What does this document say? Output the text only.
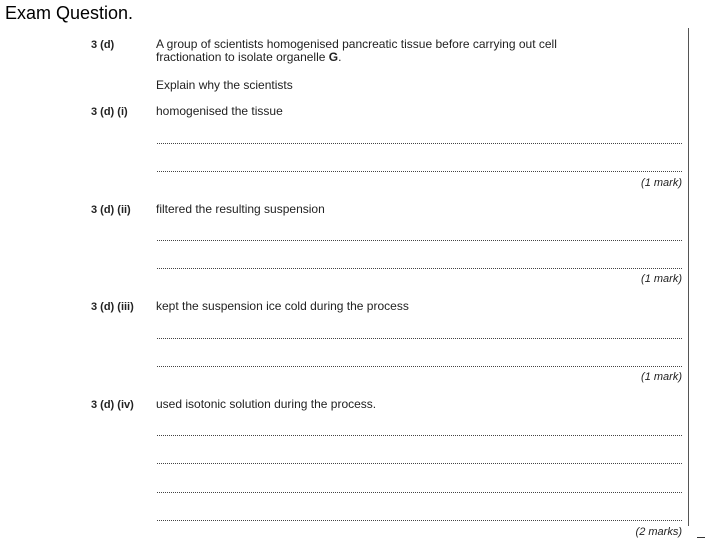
Exam Question.
3 (d)	A group of scientists homogenised pancreatic tissue before carrying out cell
fractionation to isolate organelle G.
Explain why the scientists
3 (d) (i) homogenised the tissue
(1 mark)
3 (d) (ii) filtered the resulting suspension
(1 mark)
3 (d) (iii) kept the suspension ice cold during the process
(1 mark)
3 (d) (iv) used isotonic solution during the process.
(2 marks)
